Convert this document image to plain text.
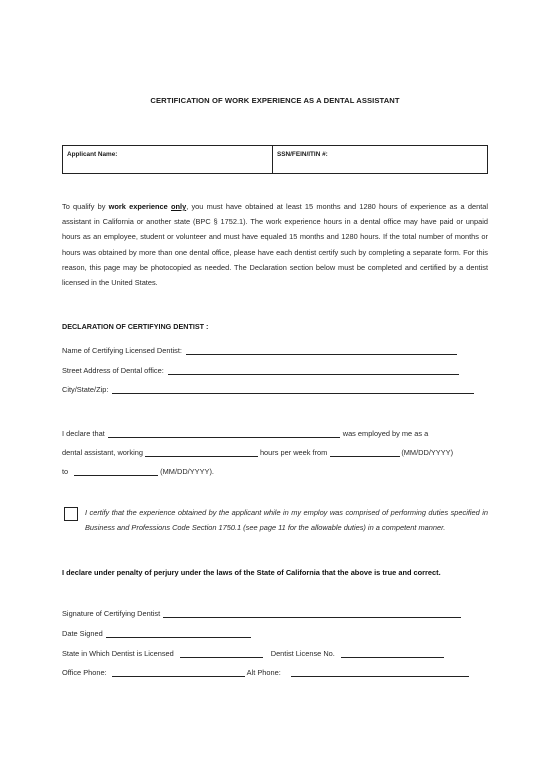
CERTIFICATION OF WORK EXPERIENCE AS A DENTAL ASSISTANT
Applicant Name:	SSN/FEIN/ITIN #:
To qualify by work experience only, you must have obtained at least 15 months and 1280 hours of experience as a dental assistant in California or another state (BPC § 1752.1). The work experience hours in a dental office may have paid or unpaid hours as an employee, student or volunteer and must have equaled 15 months and 1280 hours. If the total number of months or hours was obtained by more than one dental office, please have each dentist certify such by completing a separate form. For this reason, this page may be photocopied as needed. The Declaration section below must be completed and certified by a dentist licensed in the United States.
DECLARATION OF CERTIFYING DENTIST :
Name of Certifying Licensed Dentist:
Street Address of Dental office:
City/State/Zip:
I declare that	was employed by me as a
dental assistant, working	hours per week from	(MM/DD/YYYY)
to	(MM/DD/YYYY).
I certify that the experience obtained by the applicant while in my employ was comprised of performing duties specified in Business and Professions Code Section 1750.1 (see page 11 for the allowable duties) in a competent manner.
I declare under penalty of perjury under the laws of the State of California that the above is true and correct.
Signature of Certifying Dentist
Date Signed
State in Which Dentist is Licensed	Dentist License No.
Office Phone:	Alt Phone:
